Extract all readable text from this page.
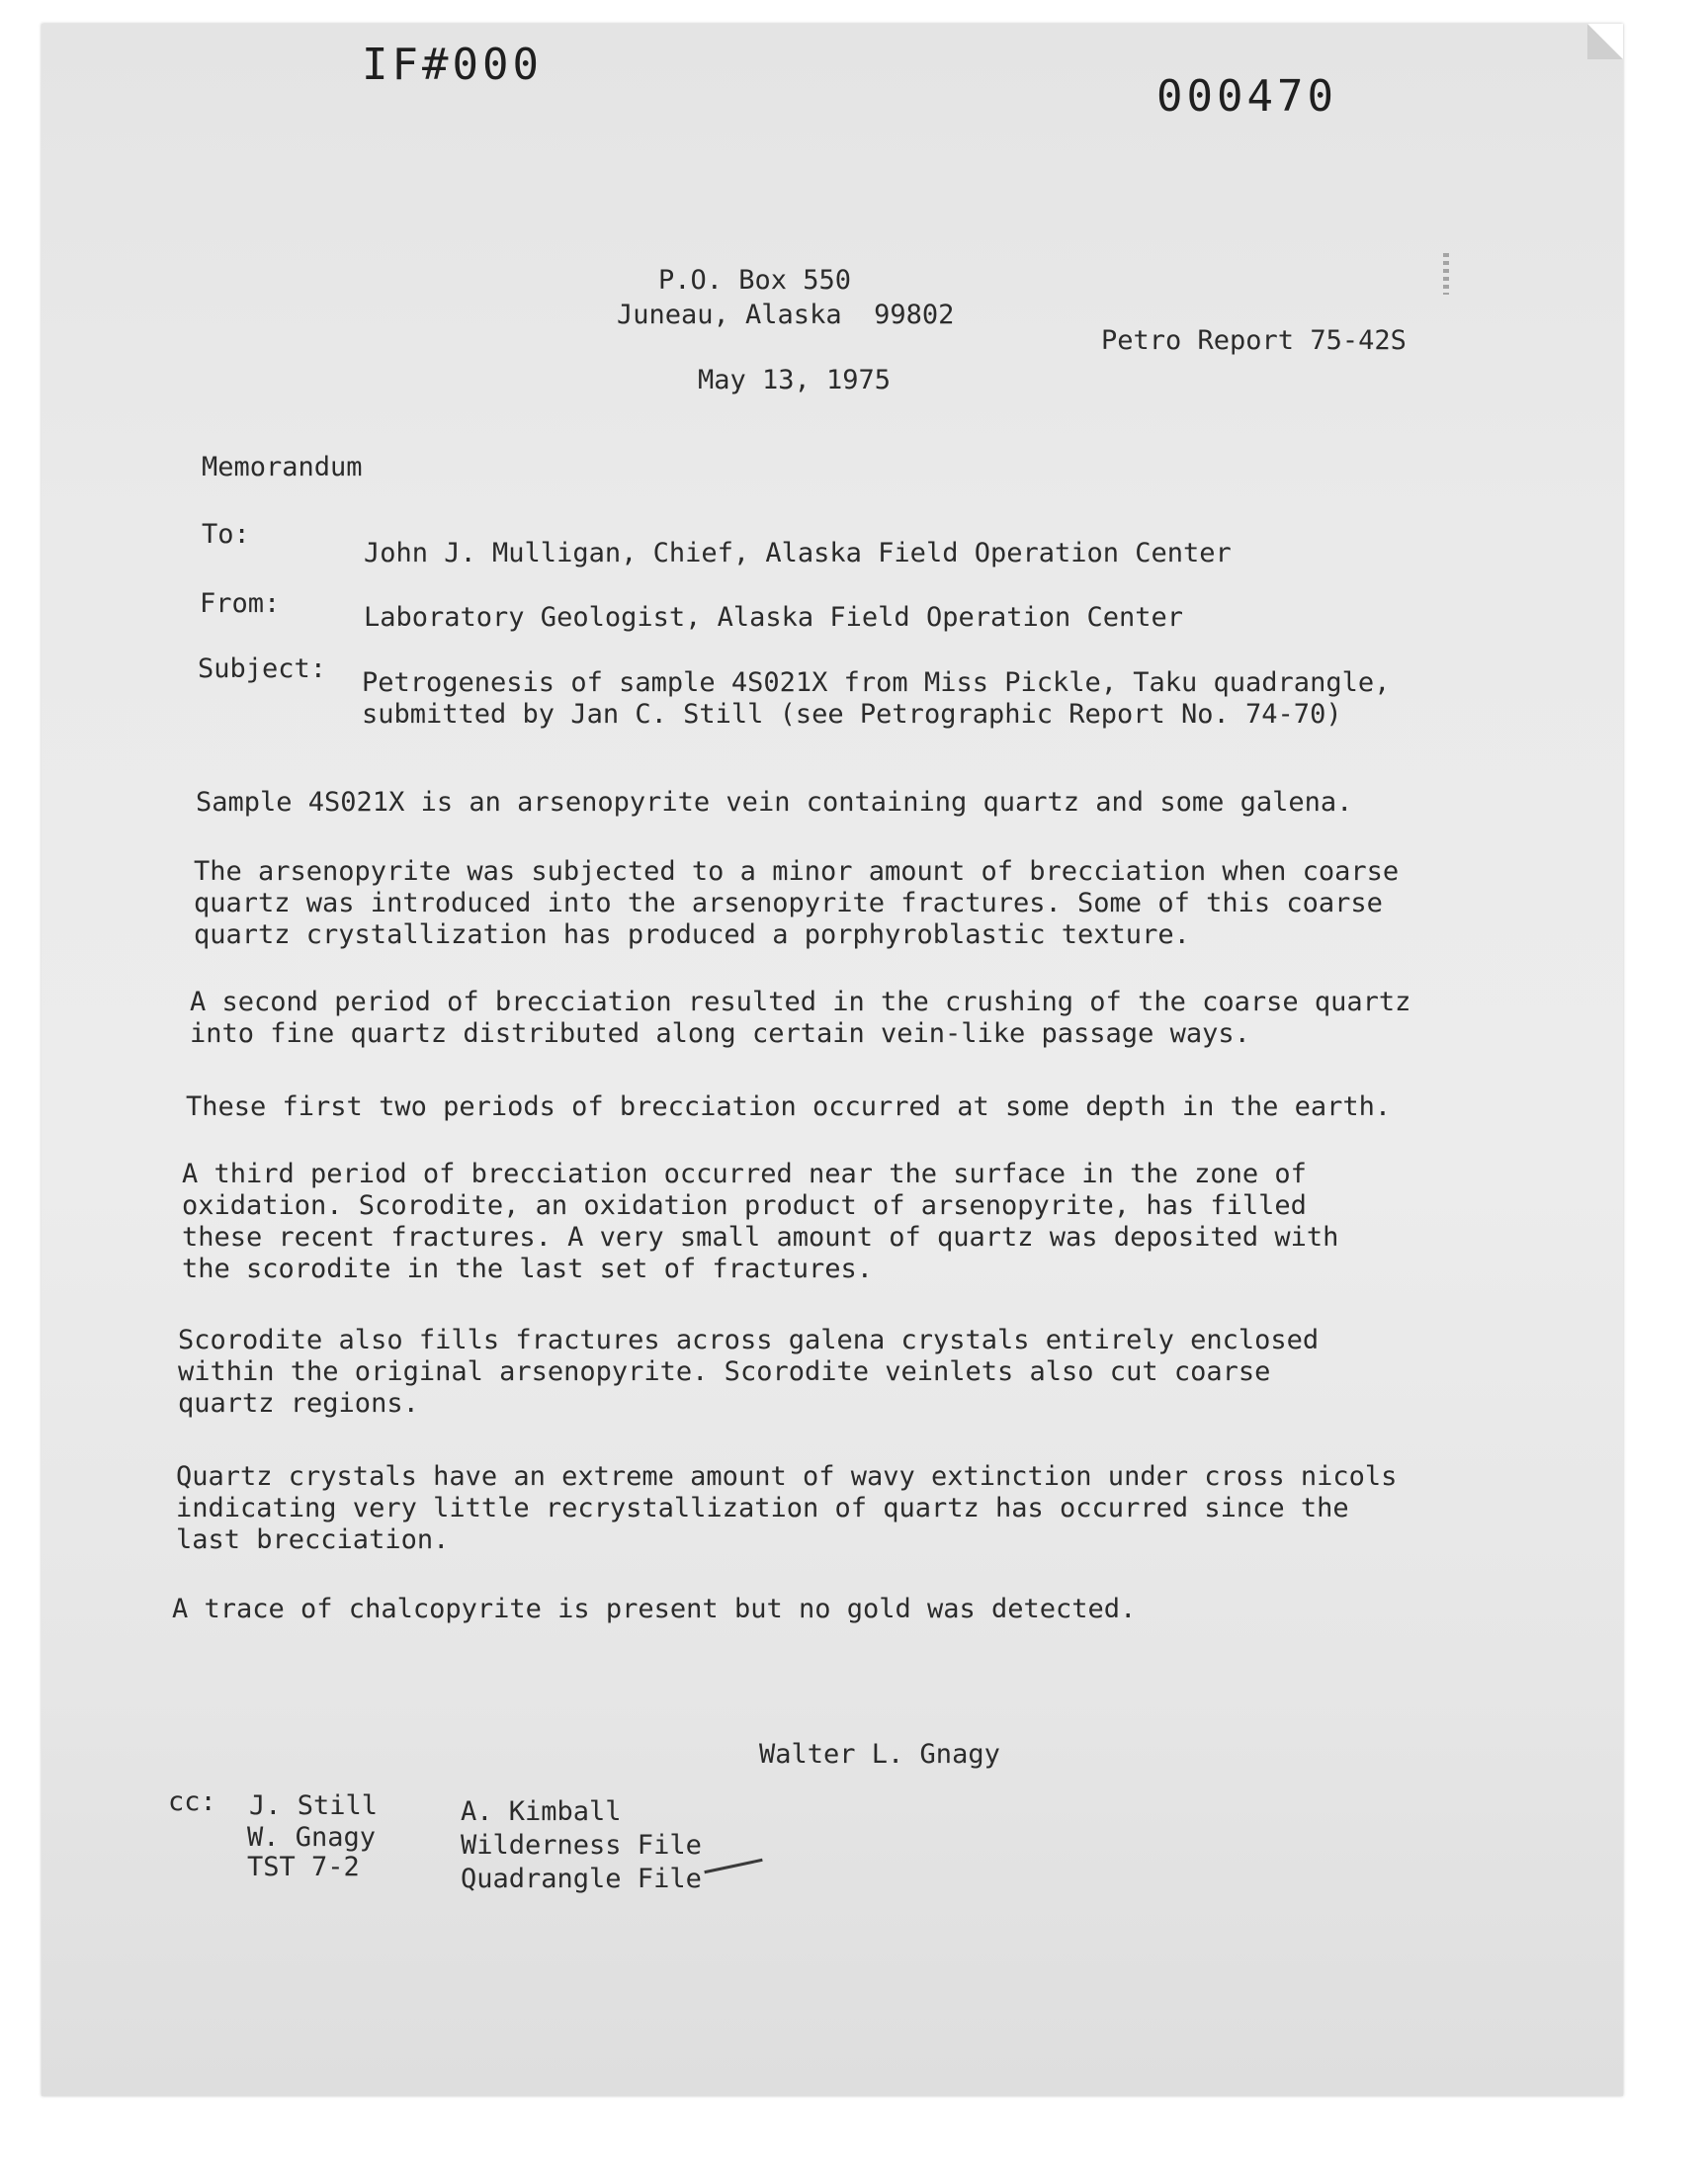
IF#000
000470
P.O. Box 550
Juneau, Alaska  99802
Petro Report 75-42S
May 13, 1975
Memorandum
To:
John J. Mulligan, Chief, Alaska Field Operation Center
From:	Laboratory Geologist, Alaska Field Operation Center
Subject: Petrogenesis of sample 4S021X from Miss Pickle, Taku quadrangle,
submitted by Jan C. Still (see Petrographic Report No. 74-70)
Sample 4S021X is an arsenopyrite vein containing quartz and some galena.
The arsenopyrite was subjected to a minor amount of brecciation when coarse
quartz was introduced into the arsenopyrite fractures. Some of this coarse
quartz crystallization has produced a porphyroblastic texture.
A second period of brecciation resulted in the crushing of the coarse quartz
into fine quartz distributed along certain vein-like passage ways.
These first two periods of brecciation occurred at some depth in the earth.
A third period of brecciation occurred near the surface in the zone of
oxidation. Scorodite, an oxidation product of arsenopyrite, has filled
these recent fractures. A very small amount of quartz was deposited with
the scorodite in the last set of fractures.
Scorodite also fills fractures across galena crystals entirely enclosed
within the original arsenopyrite. Scorodite veinlets also cut coarse
quartz regions.
Quartz crystals have an extreme amount of wavy extinction under cross nicols
indicating very little recrystallization of quartz has occurred since the
last brecciation.
A trace of chalcopyrite is present but no gold was detected.
Walter L. Gnagy
cc: J. Still
W. Gnagy
TST 7-2
A. Kimball
Wilderness File
Quadrangle File
